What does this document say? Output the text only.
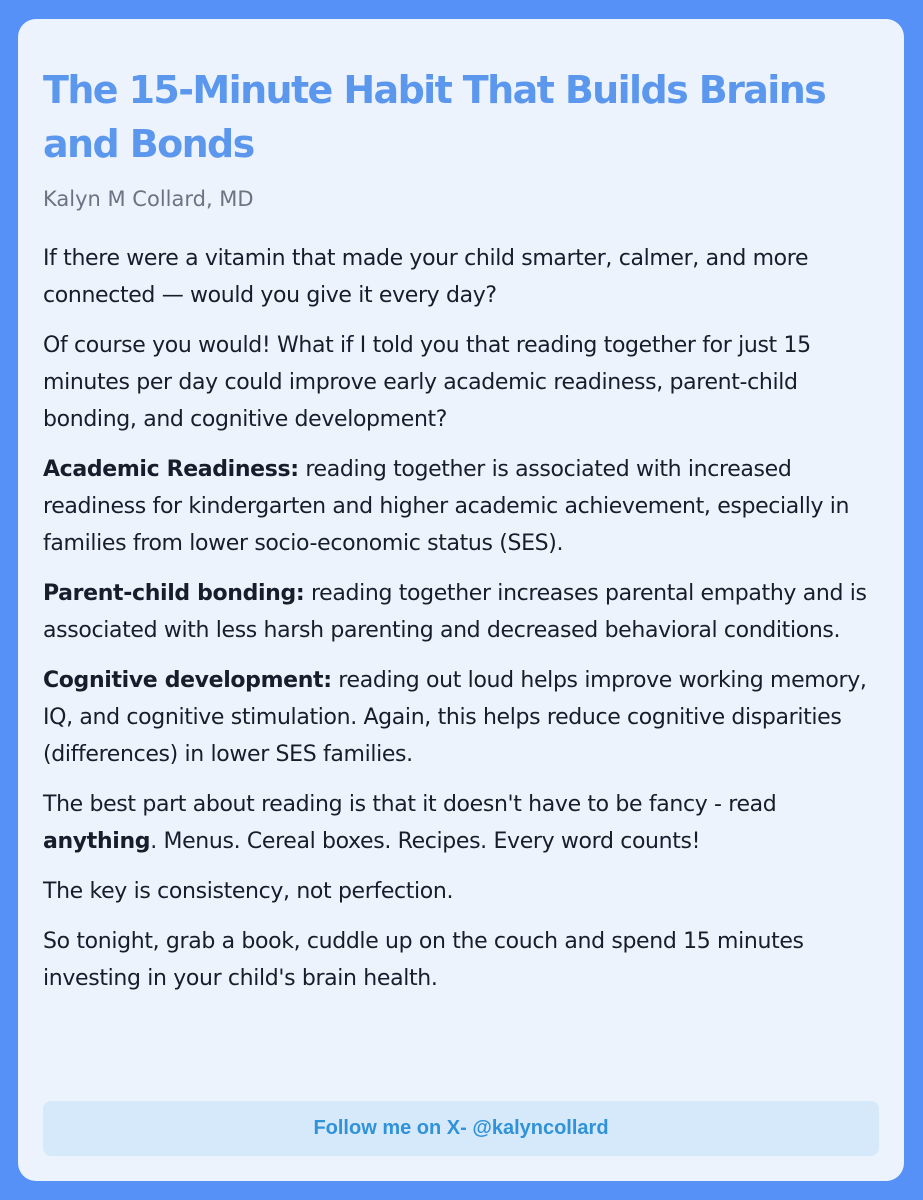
The 15-Minute Habit That Builds Brains and Bonds

Kalyn M Collard, MD

If there were a vitamin that made your child smarter, calmer, and more connected — would you give it every day?

Of course you would! What if I told you that reading together for just 15 minutes per day could improve early academic readiness, parent-child bonding, and cognitive development?

Academic Readiness: reading together is associated with increased readiness for kindergarten and higher academic achievement, especially in families from lower socio-economic status (SES).

Parent-child bonding: reading together increases parental empathy and is associated with less harsh parenting and decreased behavioral conditions.

Cognitive development: reading out loud helps improve working memory, IQ, and cognitive stimulation. Again, this helps reduce cognitive disparities (differences) in lower SES families.

The best part about reading is that it doesn't have to be fancy - read anything. Menus. Cereal boxes. Recipes. Every word counts!

The key is consistency, not perfection.

So tonight, grab a book, cuddle up on the couch and spend 15 minutes investing in your child's brain health.

Follow me on X- @kalyncollard
